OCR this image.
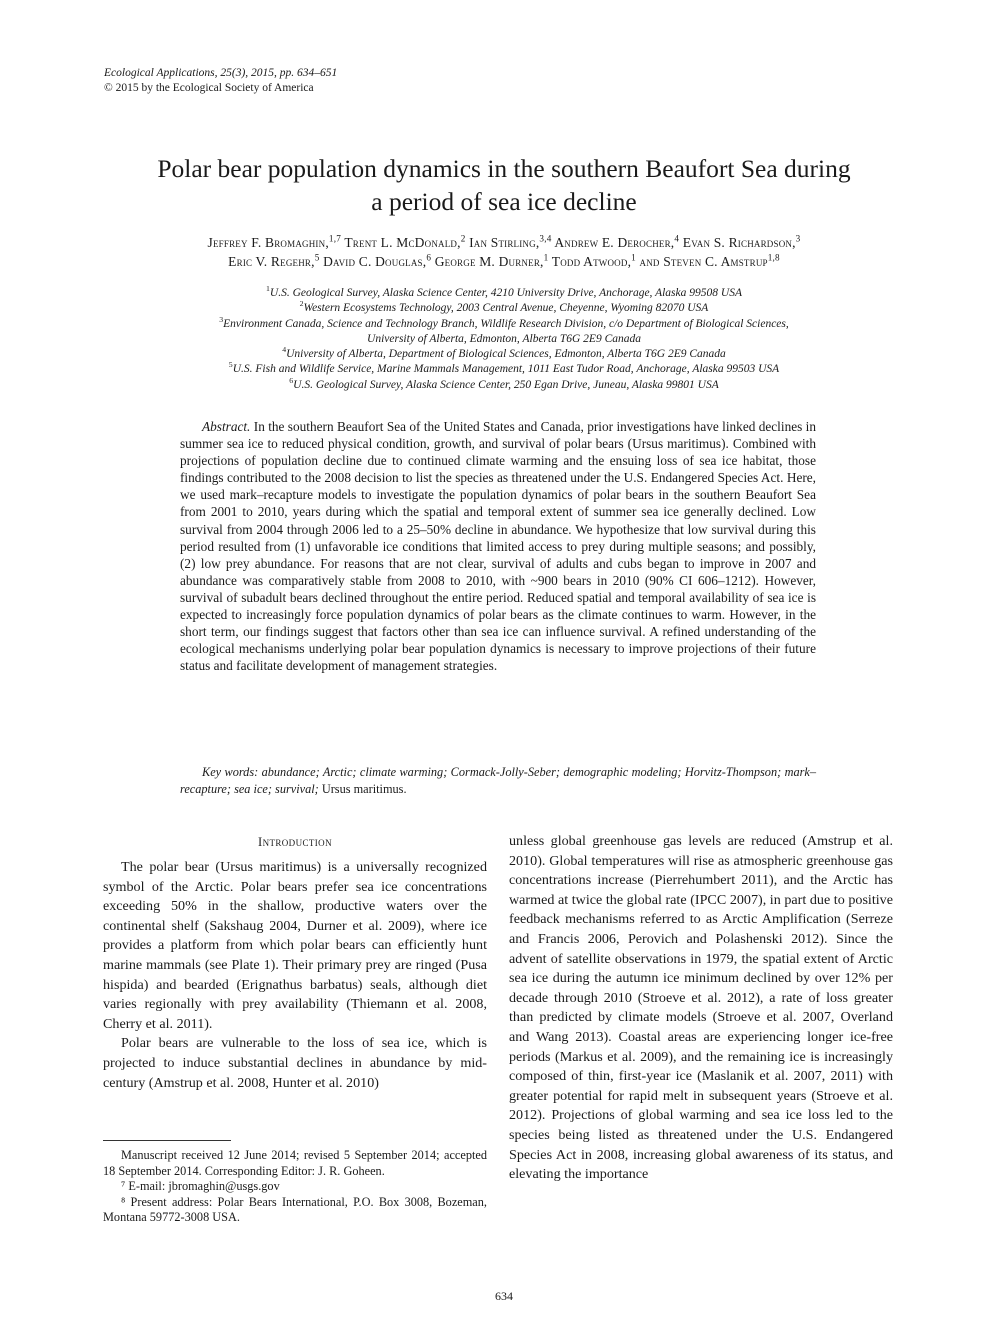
Ecological Applications, 25(3), 2015, pp. 634–651
© 2015 by the Ecological Society of America
Polar bear population dynamics in the southern Beaufort Sea during
a period of sea ice decline
Jeffrey F. Bromaghin,$^{1,7}$ Trent L. McDonald,$^2$ Ian Stirling,$^{3,4}$ Andrew E. Derocher,$^4$ Evan S. Richardson,$^3$
Eric V. Regehr,$^5$ David C. Douglas,$^6$ George M. Durner,$^1$ Todd Atwood,$^1$ and Steven C. Amstrup$^{1,8}$
$^1$U.S. Geological Survey, Alaska Science Center, 4210 University Drive, Anchorage, Alaska 99508 USA
$^2$Western Ecosystems Technology, 2003 Central Avenue, Cheyenne, Wyoming 82070 USA
$^3$Environment Canada, Science and Technology Branch, Wildlife Research Division, c/o Department of Biological Sciences,
University of Alberta, Edmonton, Alberta T6G 2E9 Canada
$^4$University of Alberta, Department of Biological Sciences, Edmonton, Alberta T6G 2E9 Canada
$^5$U.S. Fish and Wildlife Service, Marine Mammals Management, 1011 East Tudor Road, Anchorage, Alaska 99503 USA
$^6$U.S. Geological Survey, Alaska Science Center, 250 Egan Drive, Juneau, Alaska 99801 USA
Abstract. In the southern Beaufort Sea of the United States and Canada, prior investigations have linked declines in summer sea ice to reduced physical condition, growth, and survival of polar bears (Ursus maritimus). Combined with projections of population decline due to continued climate warming and the ensuing loss of sea ice habitat, those findings contributed to the 2008 decision to list the species as threatened under the U.S. Endangered Species Act. Here, we used mark–recapture models to investigate the population dynamics of polar bears in the southern Beaufort Sea from 2001 to 2010, years during which the spatial and temporal extent of summer sea ice generally declined. Low survival from 2004 through 2006 led to a 25–50% decline in abundance. We hypothesize that low survival during this period resulted from (1) unfavorable ice conditions that limited access to prey during multiple seasons; and possibly, (2) low prey abundance. For reasons that are not clear, survival of adults and cubs began to improve in 2007 and abundance was comparatively stable from 2008 to 2010, with ~900 bears in 2010 (90% CI 606–1212). However, survival of subadult bears declined throughout the entire period. Reduced spatial and temporal availability of sea ice is expected to increasingly force population dynamics of polar bears as the climate continues to warm. However, in the short term, our findings suggest that factors other than sea ice can influence survival. A refined understanding of the ecological mechanisms underlying polar bear population dynamics is necessary to improve projections of their future status and facilitate development of management strategies.
Key words: abundance; Arctic; climate warming; Cormack-Jolly-Seber; demographic modeling; Horvitz-Thompson; mark–recapture; sea ice; survival; Ursus maritimus.
Introduction

The polar bear (Ursus maritimus) is a universally recognized symbol of the Arctic. Polar bears prefer sea ice concentrations exceeding 50% in the shallow, productive waters over the continental shelf (Sakshaug 2004, Durner et al. 2009), where ice provides a platform from which polar bears can efficiently hunt marine mammals (see Plate 1). Their primary prey are ringed (Pusa hispida) and bearded (Erignathus barbatus) seals, although diet varies regionally with prey availability (Thiemann et al. 2008, Cherry et al. 2011).

Polar bears are vulnerable to the loss of sea ice, which is projected to induce substantial declines in abundance by mid-century (Amstrup et al. 2008, Hunter et al. 2010)

Manuscript received 12 June 2014; revised 5 September 2014; accepted 18 September 2014. Corresponding Editor: J. R. Goheen.

⁷ E-mail: jbromaghin@usgs.gov

⁸ Present address: Polar Bears International, P.O. Box 3008, Bozeman, Montana 59772-3008 USA.

unless global greenhouse gas levels are reduced (Amstrup et al. 2010). Global temperatures will rise as atmospheric greenhouse gas concentrations increase (Pierrehumbert 2011), and the Arctic has warmed at twice the global rate (IPCC 2007), in part due to positive feedback mechanisms referred to as Arctic Amplification (Serreze and Francis 2006, Perovich and Polashenski 2012). Since the advent of satellite observations in 1979, the spatial extent of Arctic sea ice during the autumn ice minimum declined by over 12% per decade through 2010 (Stroeve et al. 2012), a rate of loss greater than predicted by climate models (Stroeve et al. 2007, Overland and Wang 2013). Coastal areas are experiencing longer ice-free periods (Markus et al. 2009), and the remaining ice is increasingly composed of thin, first-year ice (Maslanik et al. 2007, 2011) with greater potential for rapid melt in subsequent years (Stroeve et al. 2012). Projections of global warming and sea ice loss led to the species being listed as threatened under the U.S. Endangered Species Act in 2008, increasing global awareness of its status, and elevating the importance

634
